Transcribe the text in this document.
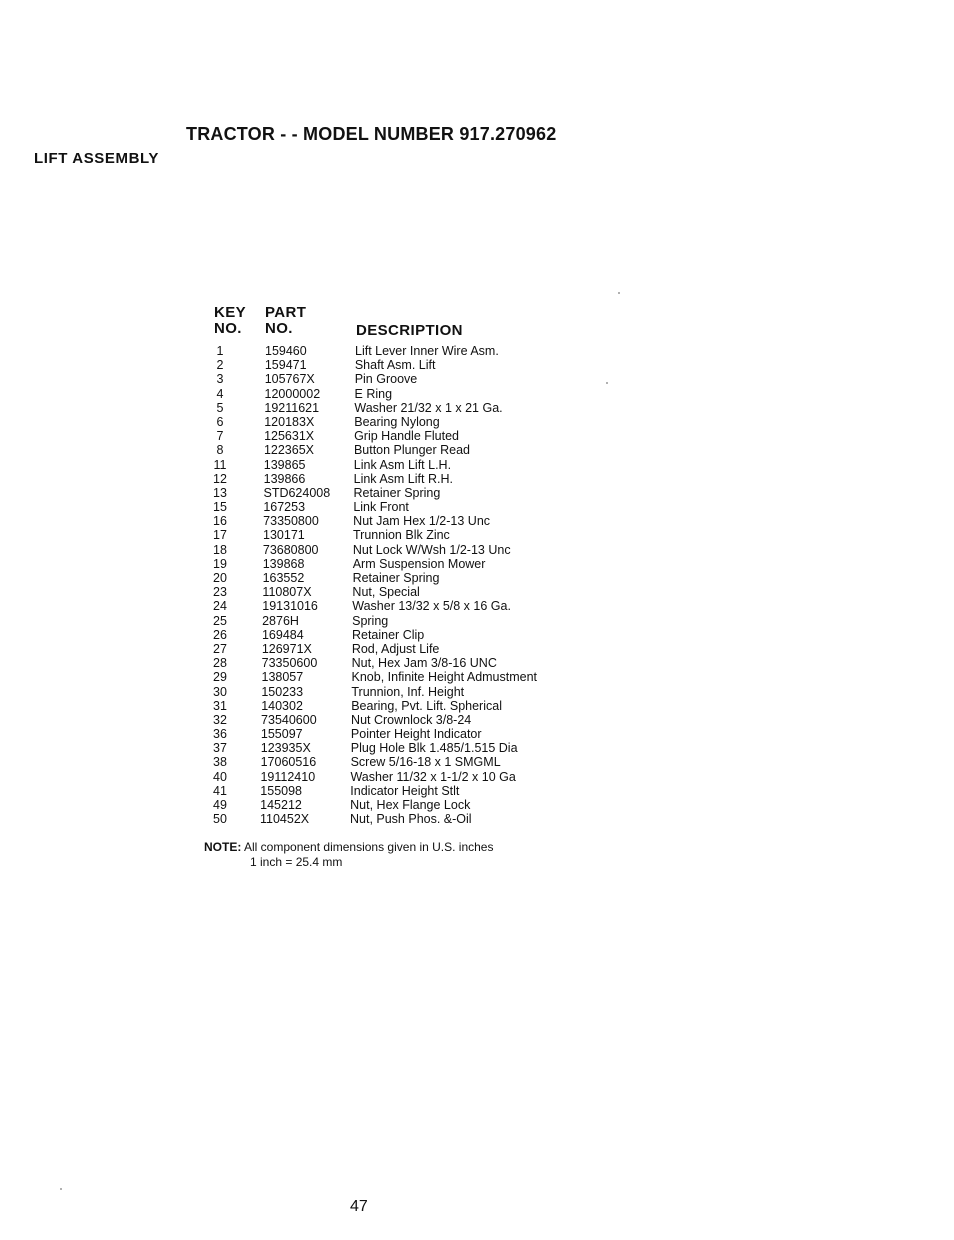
TRACTOR - - MODEL NUMBER 917.270962
LIFT ASSEMBLY
KEY
NO.
PART
NO.	DESCRIPTION
1	159460	Lift Lever Inner Wire Asm.
2	159471	Shaft Asm. Lift
3	105767X	Pin Groove
4	12000002	E Ring
5	19211621	Washer 21/32 x 1 x 21 Ga.
6	120183X	Bearing Nylong
7	125631X	Grip Handle Fluted
8	122365X	Button Plunger Read
11	139865	Link Asm Lift L.H.
12	139866	Link Asm Lift R.H.
13	STD624008 Retainer Spring
15	167253	Link Front
16	73350800	Nut Jam Hex 1/2-13 Unc
17	130171	Trunnion Blk Zinc
18	73680800	Nut Lock W/Wsh 1/2-13 Unc
19	139868	Arm Suspension Mower
20	163552	Retainer Spring
23	110807X	Nut, Special
24	19131016	Washer 13/32 x 5/8 x 16 Ga.
25	2876H	Spring
26	169484	Retainer Clip
27	126971X	Rod, Adjust Life
28	73350600	Nut, Hex Jam 3/8-16 UNC
29	138057	Knob, Infinite Height Admustment
30	150233	Trunnion, Inf. Height
31	140302	Bearing, Pvt. Lift. Spherical
32	73540600	Nut Crownlock 3/8-24
36	155097	Pointer Height Indicator
37	123935X	Plug Hole Blk 1.485/1.515 Dia
38	17060516	Screw 5/16-18 x 1 SMGML
40	19112410	Washer 11/32 x 1-1/2 x 10 Ga
41	155098	Indicator Height Stlt
49	145212	Nut, Hex Flange Lock
50	110452X	Nut, Push Phos. &-Oil
NOTE: All component dimensions given in U.S. inches
1 inch = 25.4 mm
47
